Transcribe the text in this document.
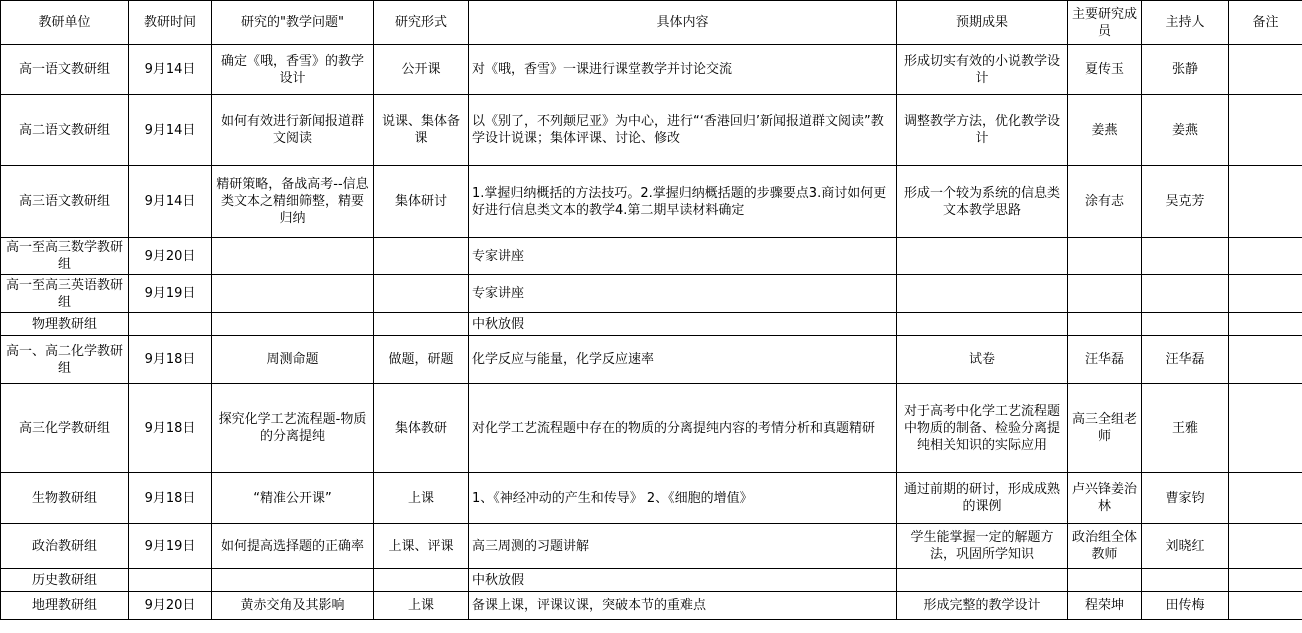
教研单位	教研时间	研究的"教学问题"	研究形式	具体内容	预期成果	主要研究成员	主持人	备注
高一语文教研组	9月14日	确定《哦，香雪》的教学设计	公开课	对《哦，香雪》一课进行课堂教学并讨论交流	形成切实有效的小说教学设计	夏传玉	张静	
高二语文教研组	9月14日	如何有效进行新闻报道群文阅读	说课、集体备课	以《别了，不列颠尼亚》为中心，进行“‘香港回归’新闻报道群文阅读”教学设计说课；集体评课、讨论、修改	调整教学方法，优化教学设计	姜燕	姜燕	
高三语文教研组	9月14日	精研策略，备战高考--信息类文本之精细筛整，精要归纳	集体研讨	1.掌握归纳概括的方法技巧。2.掌握归纳概括题的步骤要点3.商讨如何更好进行信息类文本的教学4.第二期早读材料确定	形成一个较为系统的信息类文本教学思路	涂有志	吴克芳	
高一至高三数学教研组	9月20日			专家讲座				
高一至高三英语教研组	9月19日			专家讲座				
物理教研组				中秋放假				
高一、高二化学教研组	9月18日	周测命题	做题，研题	化学反应与能量，化学反应速率	试卷	汪华磊	汪华磊	
高三化学教研组	9月18日	探究化学工艺流程题-物质的分离提纯	集体教研	对化学工艺流程题中存在的物质的分离提纯内容的考情分析和真题精研	对于高考中化学工艺流程题中物质的制备、检验分离提纯相关知识的实际应用	高三全组老师	王雅	
生物教研组	9月18日	“精准公开课”	上课	1、《神经冲动的产生和传导》 2、《细胞的增值》	通过前期的研讨，形成成熟的课例	卢兴锋姜治林	曹家钧	
政治教研组	9月19日	如何提高选择题的正确率	上课、评课	高三周测的习题讲解	学生能掌握一定的解题方法，巩固所学知识	政治组全体教师	刘晓红	
历史教研组				中秋放假				
地理教研组	9月20日	黄赤交角及其影响	上课	备课上课，评课议课，突破本节的重难点	形成完整的教学设计	程荣坤	田传梅	
